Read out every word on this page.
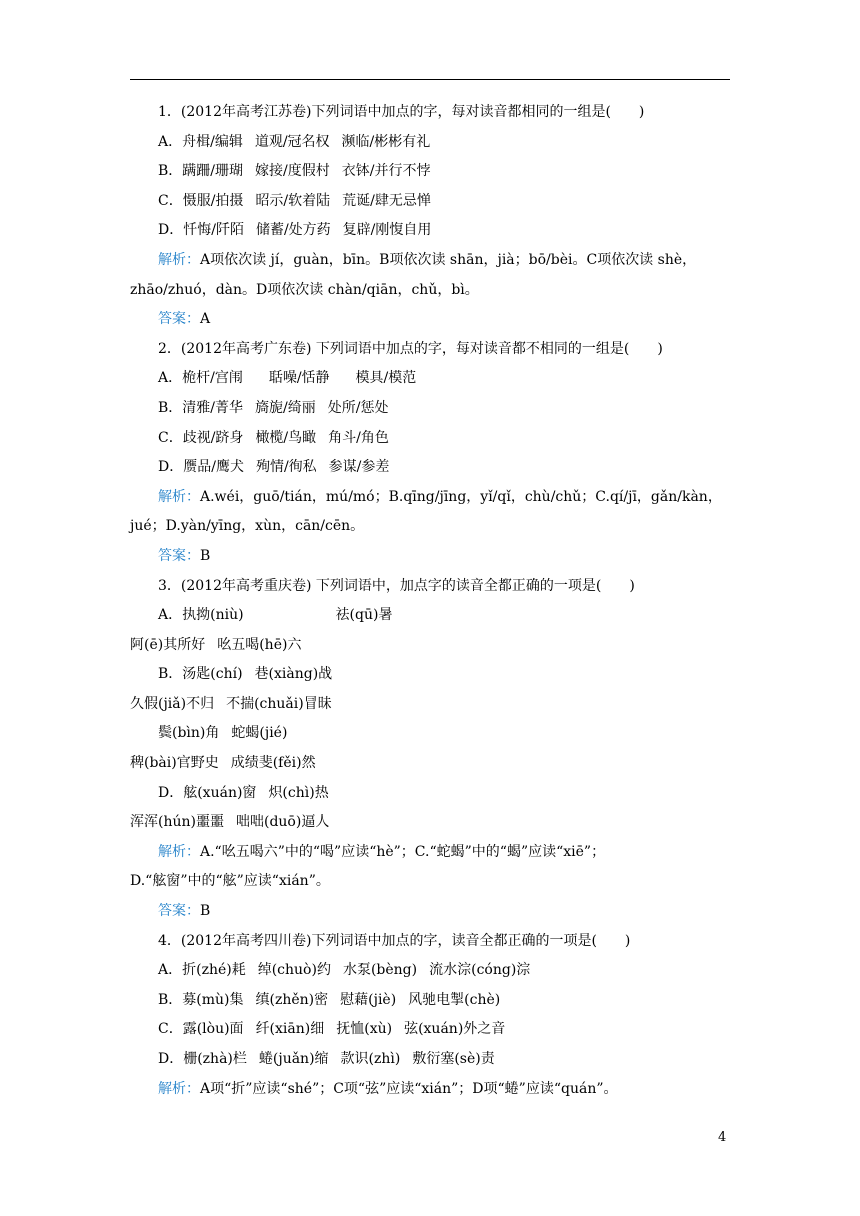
1．(2012年高考江苏卷)下列词语中加点的字，每对读音都相同的一组是(　　)
A．舟楫/编辑 道观/冠名权 濒临/彬彬有礼
B．蹒跚/珊瑚 嫁接/度假村 衣钵/并行不悖
C．慑服/拍摄 昭示/软着陆 荒诞/肆无忌惮
D．忏悔/阡陌 储蓄/处方药 复辟/刚愎自用
解析：A项依次读 jí，guàn，bīn。B项依次读 shān，jià；bō/bèi。C项依次读 shè，
zhāo/zhuó，dàn。D项依次读 chàn/qiān，chǔ，bì。
答案：A
2．(2012年高考广东卷) 下列词语中加点的字，每对读音都不相同的一组是(　　)
A．桅杆/宫闱 聒噪/恬静 模具/模范
B．清雅/菁华 旖旎/绮丽 处所/惩处
C．歧视/跻身 橄榄/鸟瞰 角斗/角色
D．赝品/鹰犬 殉情/徇私 参谋/参差
解析：A.wéi，guō/tián，mú/mó；B.qīng/jīng，yǐ/qǐ，chù/chǔ；C.qí/jī，gǎn/kàn，
jué；D.yàn/yīng，xùn，cān/cēn。
答案：B
3．(2012年高考重庆卷) 下列词语中，加点字的读音全都正确的一项是(　　)
A．执拗(niù)	祛(qū)暑
阿(ē)其所好 吆五喝(hē)六
B．汤匙(chí) 巷(xiàng)战
久假(jiǎ)不归 不揣(chuǎi)冒昧
鬓(bìn)角 蛇蝎(jié)
稗(bài)官野史 成绩斐(fěi)然
D．舷(xuán)窗 炽(chì)热
浑浑(hún)噩噩 咄咄(duō)逼人
解析：A.“吆五喝六”中的“喝”应读“hè”；C.“蛇蝎”中的“蝎”应读“xiē”；
D.“舷窗”中的“舷”应读“xián”。
答案：B
4．(2012年高考四川卷)下列词语中加点的字，读音全都正确的一项是(　　)
A．折(zhé)耗 绰(chuò)约 水泵(bèng) 流水淙(cóng)淙
B．募(mù)集 缜(zhěn)密 慰藉(jiè) 风驰电掣(chè)
C．露(lòu)面 纤(xiān)细 抚恤(xù) 弦(xuán)外之音
D．栅(zhà)栏 蜷(juǎn)缩 款识(zhì) 敷衍塞(sè)责
解析：A项“折”应读“shé”；C项“弦”应读“xián”；D项“蜷”应读“quán”。
4
